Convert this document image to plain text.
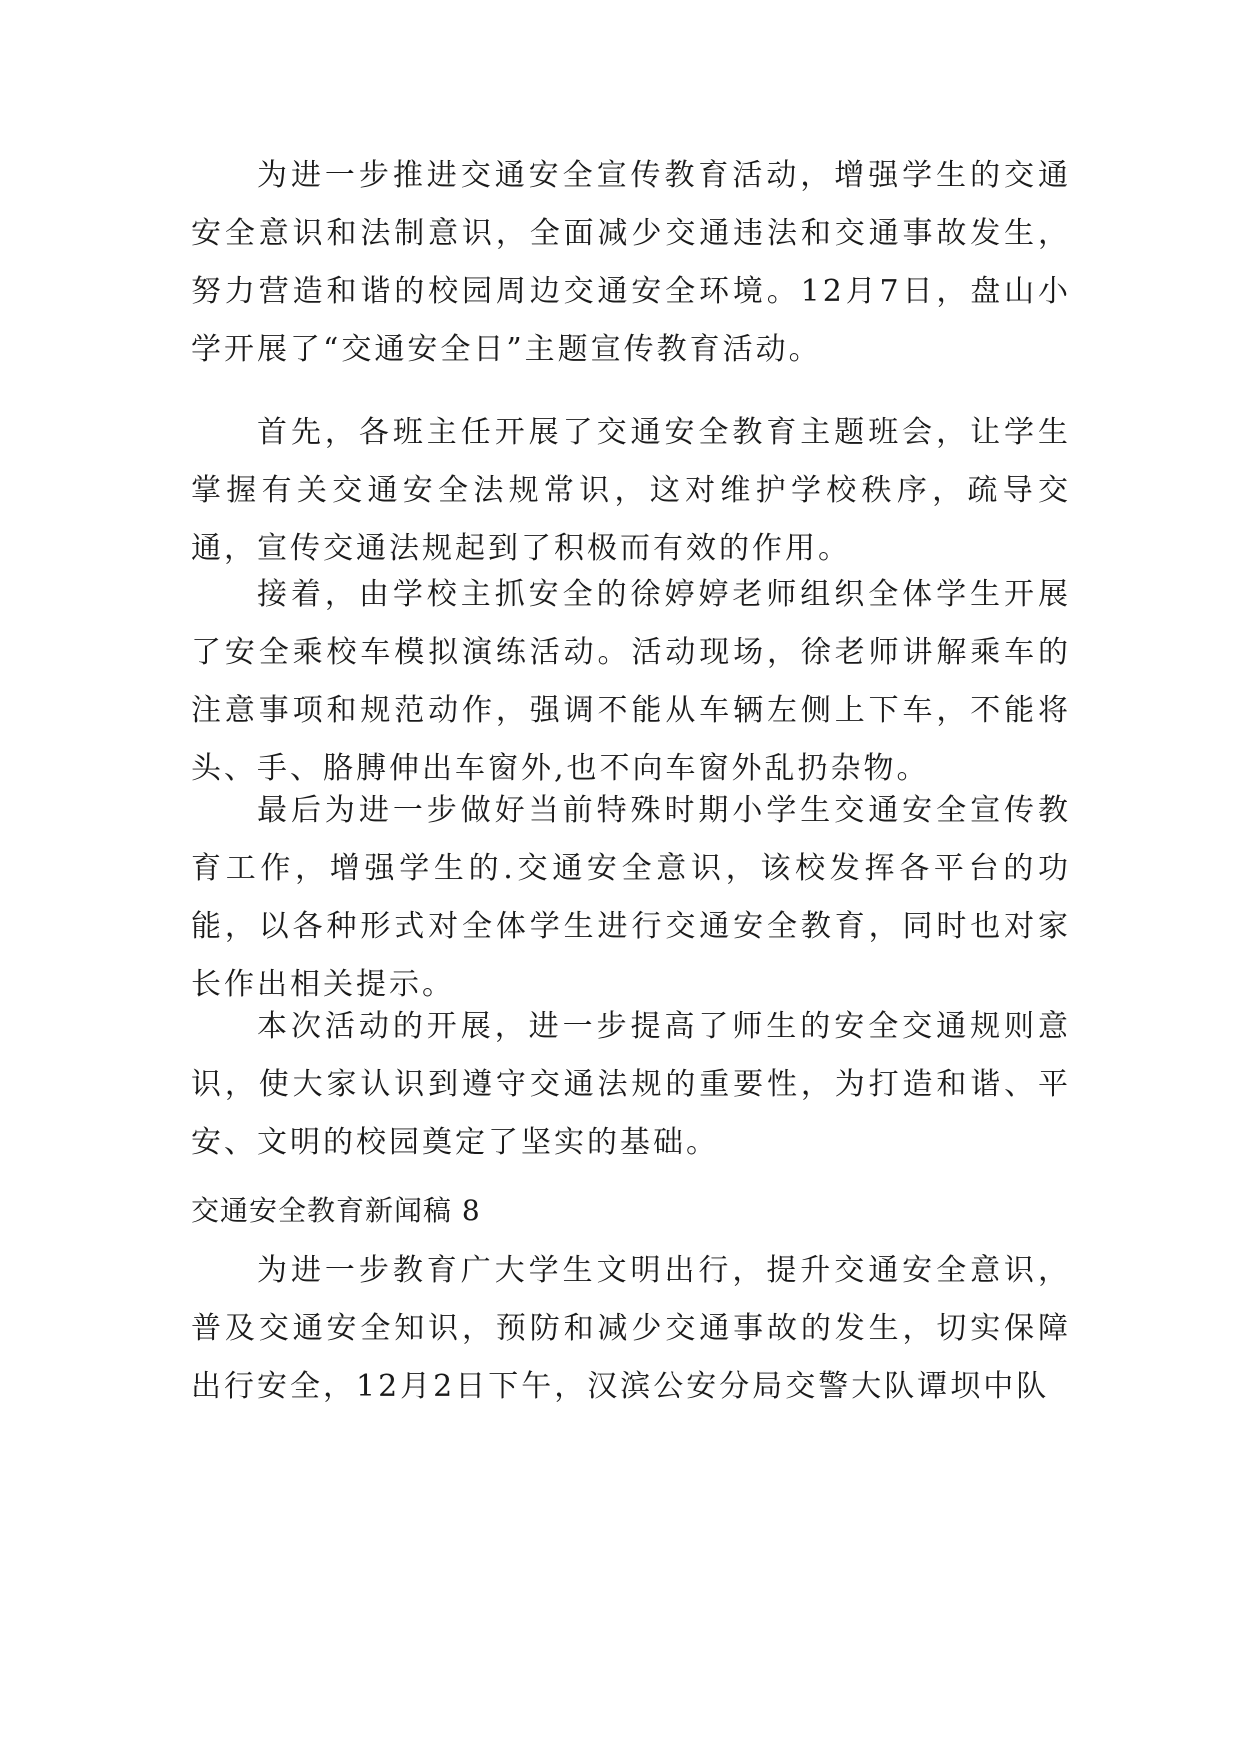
为进一步推进交通安全宣传教育活动，增强学生的交通安全意识和法制意识，全面减少交通违法和交通事故发生，努力营造和谐的校园周边交通安全环境。12月7日，盘山小学开展了“交通安全日”主题宣传教育活动。

首先，各班主任开展了交通安全教育主题班会，让学生掌握有关交通安全法规常识，这对维护学校秩序，疏导交通，宣传交通法规起到了积极而有效的作用。

接着，由学校主抓安全的徐婷婷老师组织全体学生开展了安全乘校车模拟演练活动。活动现场，徐老师讲解乘车的注意事项和规范动作，强调不能从车辆左侧上下车，不能将头、手、胳膊伸出车窗外,也不向车窗外乱扔杂物。

最后为进一步做好当前特殊时期小学生交通安全宣传教育工作，增强学生的.交通安全意识，该校发挥各平台的功能，以各种形式对全体学生进行交通安全教育，同时也对家长作出相关提示。

本次活动的开展，进一步提高了师生的安全交通规则意识，使大家认识到遵守交通法规的重要性，为打造和谐、平安、文明的校园奠定了坚实的基础。

交通安全教育新闻稿 8

为进一步教育广大学生文明出行，提升交通安全意识，普及交通安全知识，预防和减少交通事故的发生，切实保障出行安全，12月2日下午，汉滨公安分局交警大队谭坝中队
